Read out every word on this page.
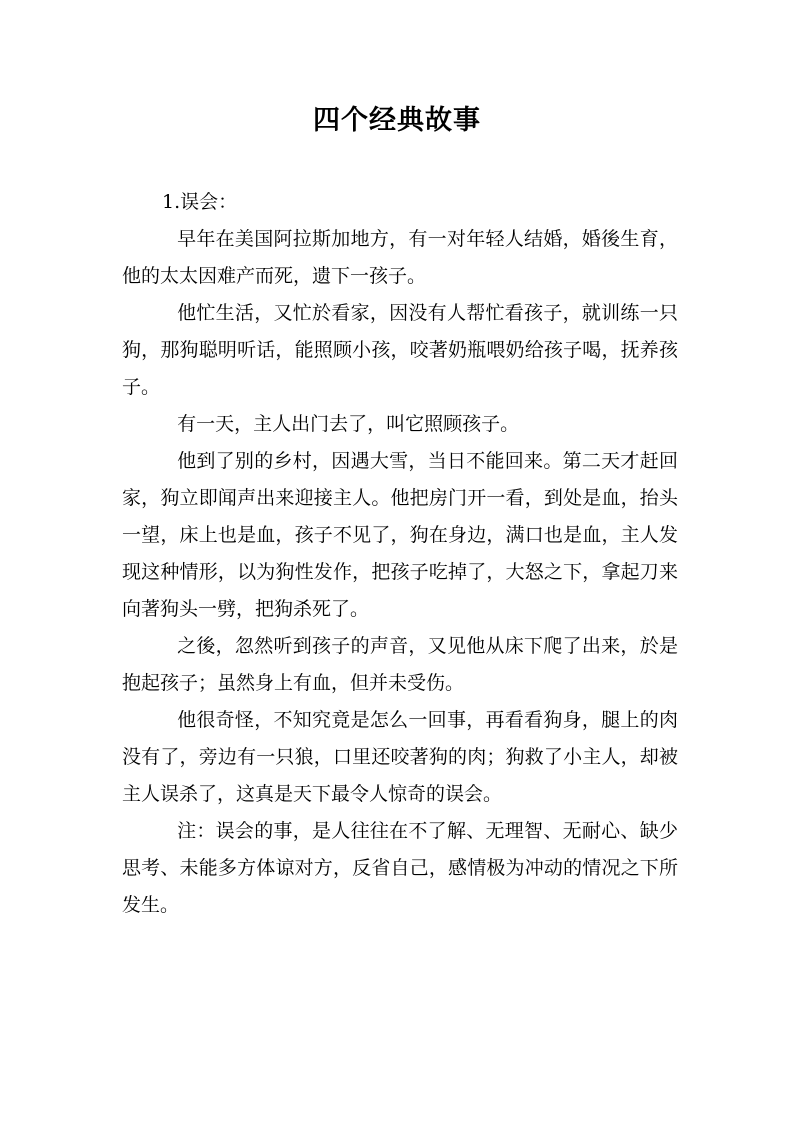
四个经典故事

1.误会：

早年在美国阿拉斯加地方，有一对年轻人结婚，婚後生育，他的太太因难产而死，遗下一孩子。

他忙生活，又忙於看家，因没有人帮忙看孩子，就训练一只狗，那狗聪明听话，能照顾小孩，咬著奶瓶喂奶给孩子喝，抚养孩子。

有一天，主人出门去了，叫它照顾孩子。

他到了别的乡村，因遇大雪，当日不能回来。第二天才赶回家，狗立即闻声出来迎接主人。他把房门开一看，到处是血，抬头一望，床上也是血，孩子不见了，狗在身边，满口也是血，主人发现这种情形，以为狗性发作，把孩子吃掉了，大怒之下，拿起刀来向著狗头一劈，把狗杀死了。

之後，忽然听到孩子的声音，又见他从床下爬了出来，於是抱起孩子；虽然身上有血，但并未受伤。

他很奇怪，不知究竟是怎么一回事，再看看狗身，腿上的肉没有了，旁边有一只狼，口里还咬著狗的肉；狗救了小主人，却被主人误杀了，这真是天下最令人惊奇的误会。

注：误会的事，是人往往在不了解、无理智、无耐心、缺少思考、未能多方体谅对方，反省自己，感情极为冲动的情况之下所发生。
